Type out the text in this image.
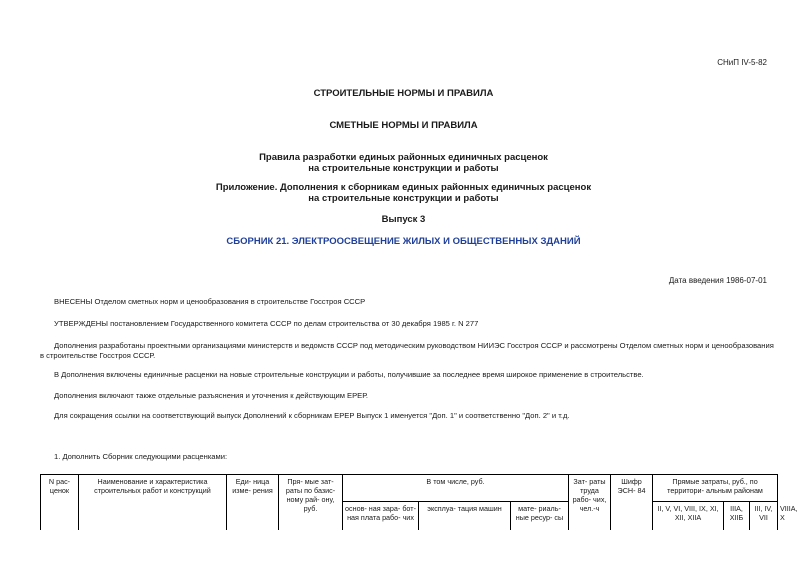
СНиП IV-5-82
СТРОИТЕЛЬНЫЕ НОРМЫ И ПРАВИЛА
СМЕТНЫЕ НОРМЫ И ПРАВИЛА
Правила разработки единых районных единичных расценок
на строительные конструкции и работы
Приложение. Дополнения к сборникам единых районных единичных расценок
на строительные конструкции и работы
Выпуск 3
СБОРНИК 21. ЭЛЕКТРООСВЕЩЕНИЕ ЖИЛЫХ И ОБЩЕСТВЕННЫХ ЗДАНИЙ
Дата введения 1986-07-01
ВНЕСЕНЫ Отделом сметных норм и ценообразования в строительстве Госстроя СССР
УТВЕРЖДЕНЫ постановлением Государственного комитета СССР по делам строительства от 30 декабря 1985 г. N 277
Дополнения разработаны проектными организациями министерств и ведомств СССР под методическим руководством НИИЭС Госстроя СССР и рассмотрены Отделом сметных норм и ценообразования в строительстве Госстроя СССР.
В Дополнения включены единичные расценки на новые строительные конструкции и работы, получившие за последнее время широкое применение в строительстве.
Дополнения включают также отдельные разъяснения и уточнения к действующим ЕРЕР.
Для сокращения ссылки на соответствующий выпуск Дополнений к сборникам ЕРЕР Выпуск 1 именуется "Доп. 1" и соответственно "Доп. 2" и т.д.
1. Дополнить Сборник следующими расценками:
N рас- ценок	Наименование и характеристика строительных работ и конструкций	Еди- ница изме- рения	Пря- мые зат- раты по базис- ному рай- ону, руб.	В том числе, руб.			Зат- раты труда рабо- чих, чел.-ч	Шифр ЭСН- 84	Прямые затраты, руб., по территори- альным районам			
				основ- ная зара- бот- ная плата рабо- чих	эксплуа- тация машин	мате- риаль- ные ресур- сы			II, V, VI, VIII, IX, XI, XII, XIIA	IIIA, XIIБ	III, IV, VII	VIIIA, X
